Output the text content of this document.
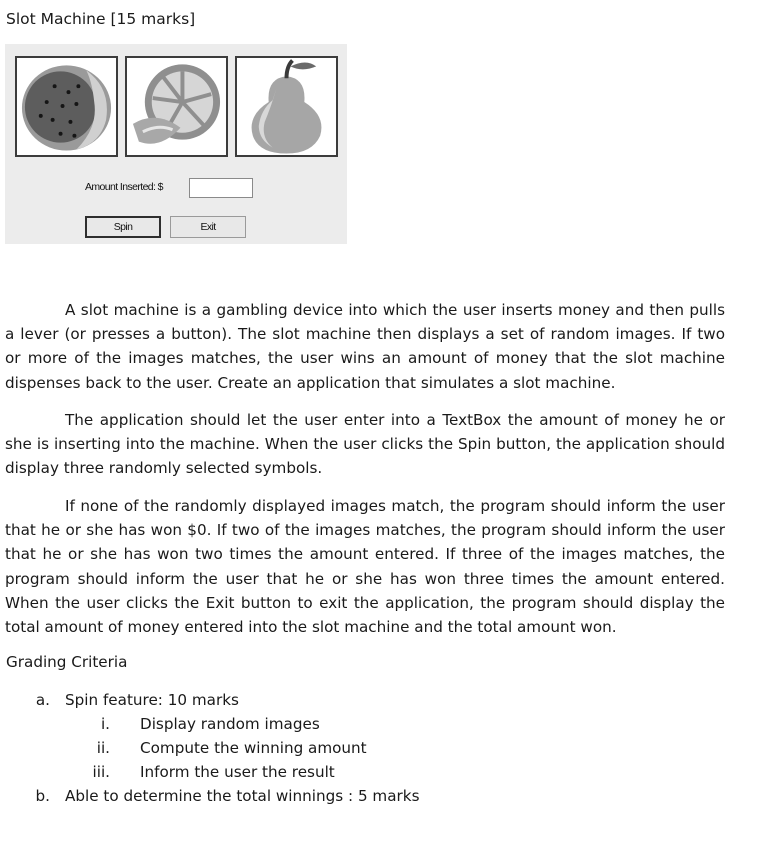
Slot Machine [15 marks]
Amount Inserted: $
Spin	Exit

A slot machine is a gambling device into which the user inserts money and then pulls a lever (or presses a button). The slot machine then displays a set of random images. If two or more of the images matches, the user wins an amount of money that the slot machine dispenses back to the user. Create an application that simulates a slot machine.

The application should let the user enter into a TextBox the amount of money he or she is inserting into the machine. When the user clicks the Spin button, the application should display three randomly selected symbols.

If none of the randomly displayed images match, the program should inform the user that he or she has won $0. If two of the images matches, the program should inform the user that he or she has won two times the amount entered. If three of the images matches, the program should inform the user that he or she has won three times the amount entered. When the user clicks the Exit button to exit the application, the program should display the total amount of money entered into the slot machine and the total amount won.

Grading Criteria
a. Spin feature: 10 marks
i. Display random images
ii. Compute the winning amount
iii. Inform the user the result
b. Able to determine the total winnings : 5 marks
